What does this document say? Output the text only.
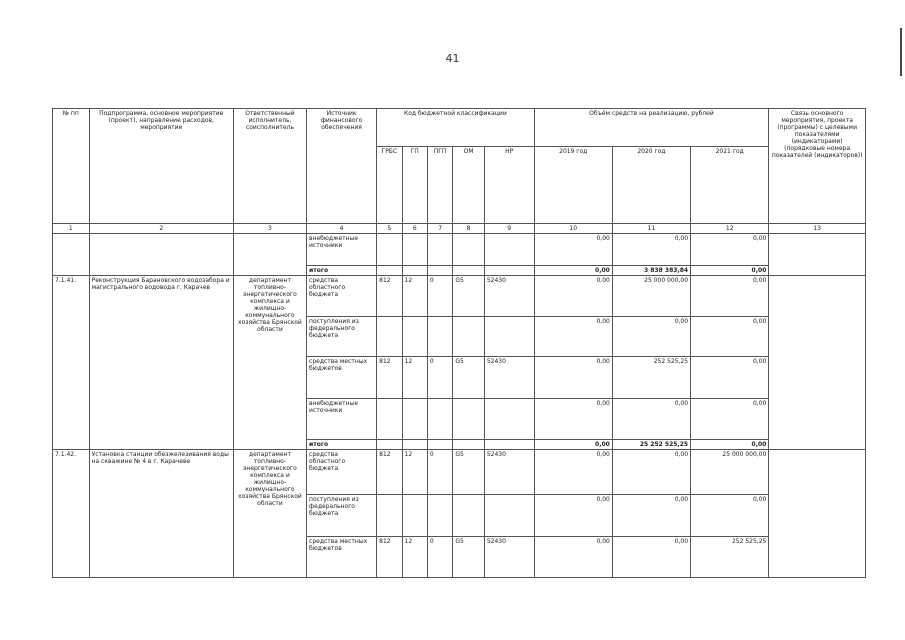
41
№ пп	Подпрограмма, основное мероприятие (проект), направление расходов, мероприятие	Ответственный исполнитель, соисполнитель	Источник финансового обеспечения	Код бюджетной классификации					Объём средств на реализацию, рублей			Связь основного мероприятия, проекта (программы) с целевыми показателями (индикаторами) (порядковые номера показателей (индикаторов))
				ГРБС	ГП	ПГП	ОМ	НР	2019 год	2020 год	2021 год	
1	2	3	4	5	6	7	8	9	10	11	12	13
			внебюджетные источники						0,00	0,00	0,00	
			итого						0,00	3 838 383,84	0,00	
7.1.41.	Реконструкция Барановского водозабора и магистрального водовода г. Карачев	департамент топливно-энергетического комплекса и жилищно-коммунального хозяйства Брянской области	средства областного бюджета	812	12	0	G5	52430	0,00	25 000 000,00	0,00	
			поступления из федерального бюджета						0,00	0,00	0,00	
			средства местных бюджетов	812	12	0	G5	52430	0,00	252 525,25	0,00	
			внебюджетные источники						0,00	0,00	0,00	
			итого						0,00	25 252 525,25	0,00	
7.1.42.	Установка станции обезжелезивания воды на скважине № 4 в г. Карачеве	департамент топливно-энергетического комплекса и жилищно-коммунального хозяйства Брянской области	средства областного бюджета	812	12	0	G5	52430	0,00	0,00	25 000 000,00	
			поступления из федерального бюджета						0,00	0,00	0,00	
			средства местных бюджетов	812	12	0	G5	52430	0,00	0,00	252 525,25	
